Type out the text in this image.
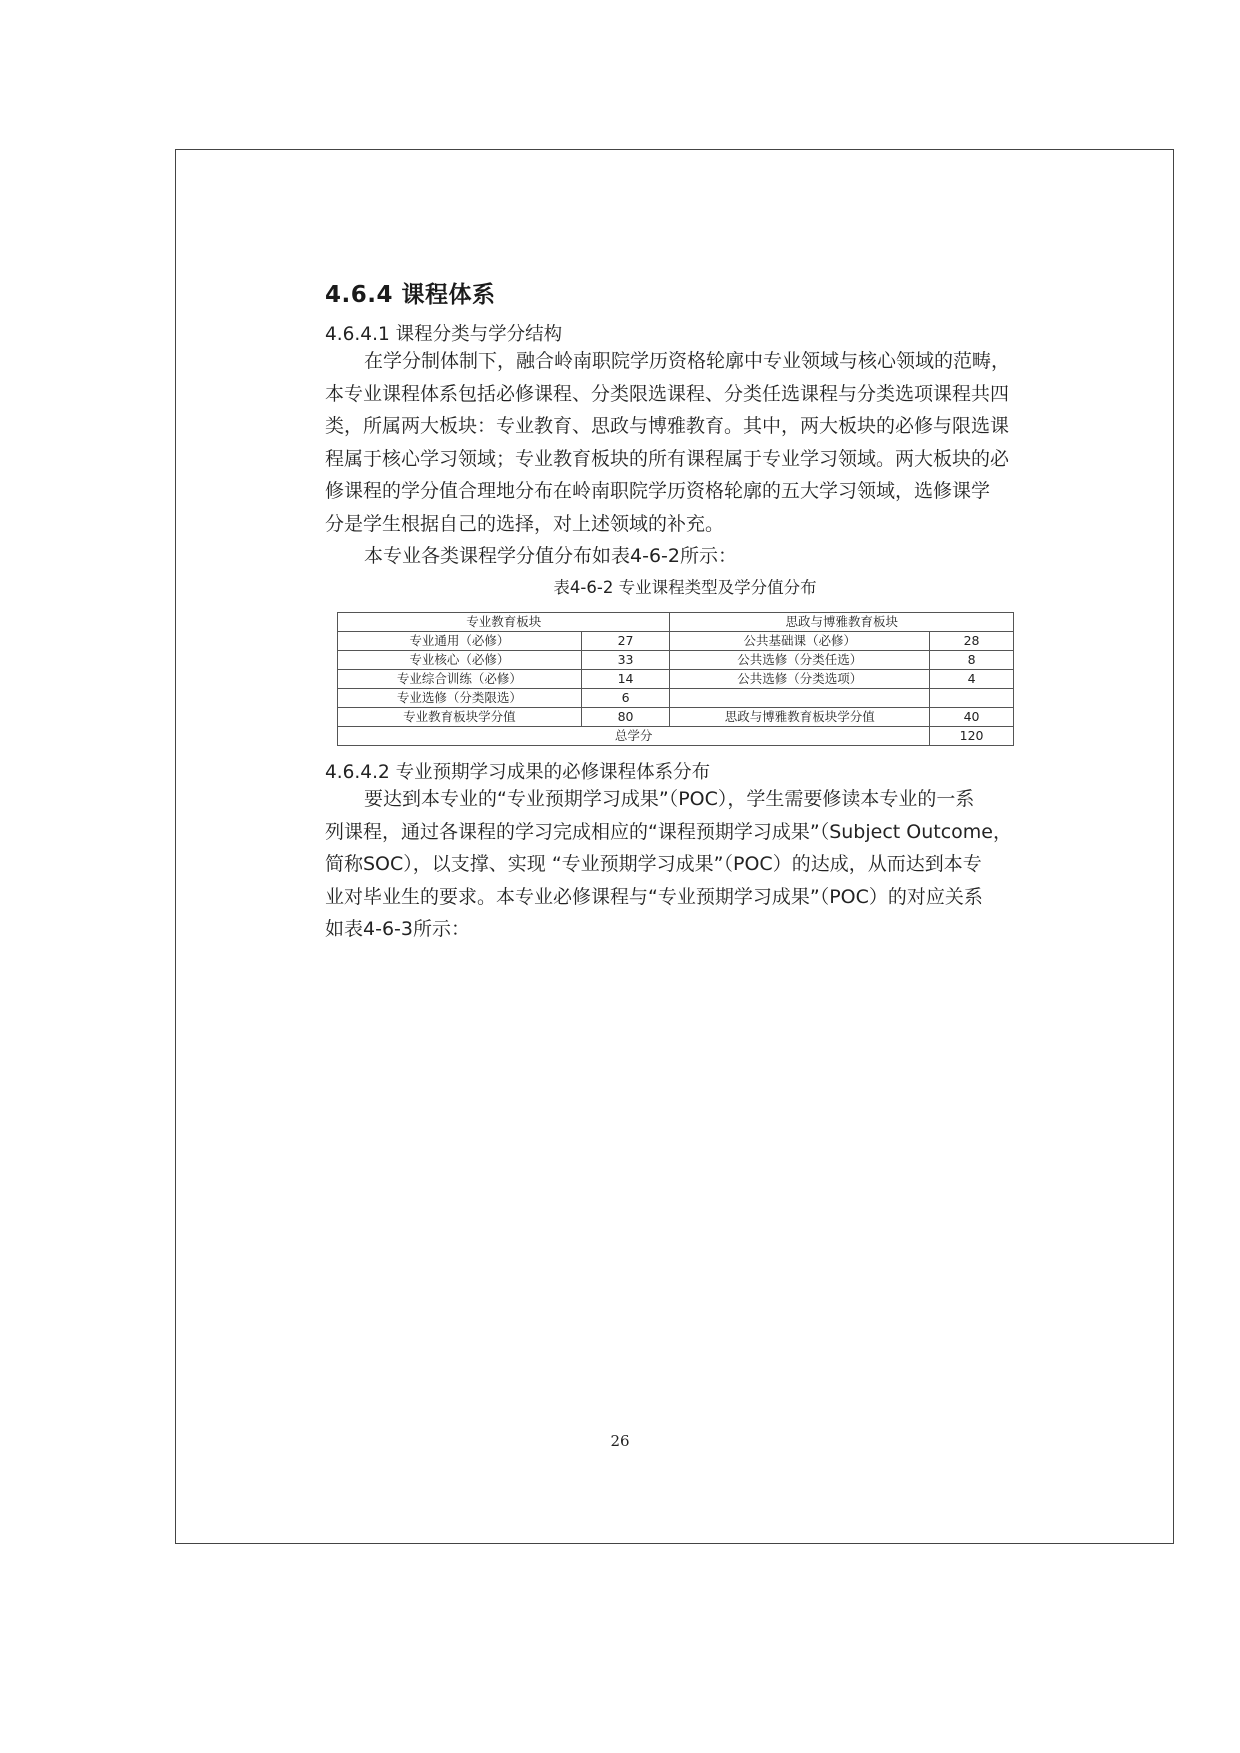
4.6.4 课程体系
4.6.4.1 课程分类与学分结构
在学分制体制下，融合岭南职院学历资格轮廓中专业领域与核心领域的范畴，
本专业课程体系包括必修课程、分类限选课程、分类任选课程与分类选项课程共四
类，所属两大板块：专业教育、思政与博雅教育。其中，两大板块的必修与限选课
程属于核心学习领域；专业教育板块的所有课程属于专业学习领域。两大板块的必
修课程的学分值合理地分布在岭南职院学历资格轮廓的五大学习领域，选修课学
分是学生根据自己的选择，对上述领域的补充。
本专业各类课程学分值分布如表4-6-2所示：
表4-6-2 专业课程类型及学分值分布
专业教育板块		思政与博雅教育板块	
专业通用（必修）	27	公共基础课（必修）	28
专业核心（必修）	33	公共选修（分类任选）	8
专业综合训练（必修）	14	公共选修（分类选项）	4
专业选修（分类限选）	6		
专业教育板块学分值	80	思政与博雅教育板块学分值	40
总学分			120
4.6.4.2 专业预期学习成果的必修课程体系分布
要达到本专业的“专业预期学习成果”（POC），学生需要修读本专业的一系
列课程，通过各课程的学习完成相应的“课程预期学习成果”（Subject Outcome，
简称SOC），以支撑、实现 “专业预期学习成果”（POC）的达成，从而达到本专
业对毕业生的要求。本专业必修课程与“专业预期学习成果”（POC）的对应关系
如表4-6-3所示：
26
